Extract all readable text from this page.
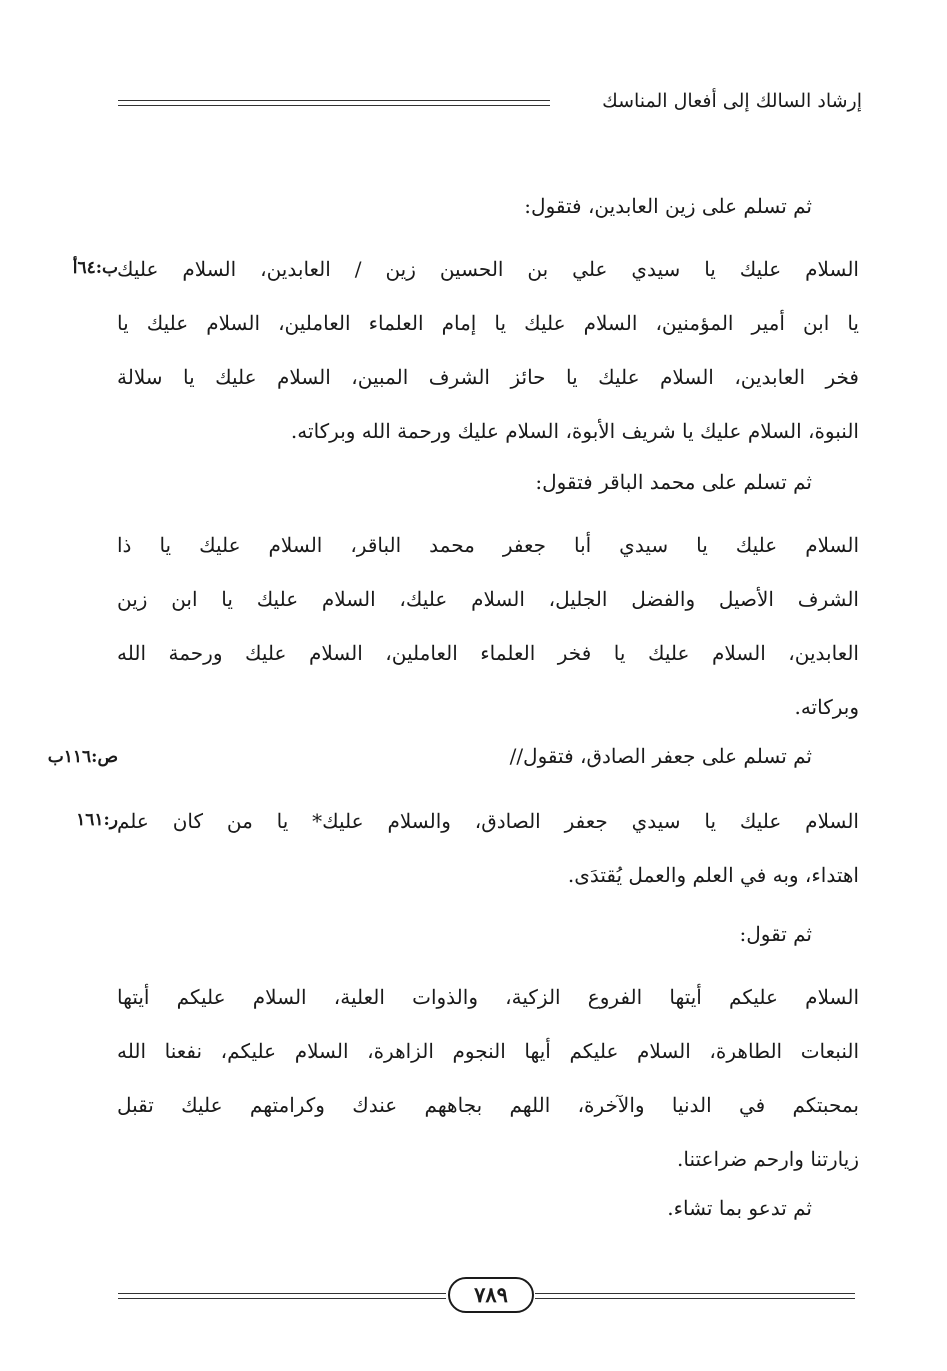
إرشاد السالك إلى أفعال المناسك
ثم تسلم على زين العابدين، فتقول:
السلام عليك يا سيدي علي بن الحسين زين / العابدين، السلام عليك
يا ابن أمير المؤمنين، السلام عليك يا إمام العلماء العاملين، السلام عليك يا
فخر العابدين، السلام عليك يا حائز الشرف المبين، السلام عليك يا سلالة
النبوة، السلام عليك يا شريف الأبوة، السلام عليك ورحمة الله وبركاته.
ب:٦٤أ
ثم تسلم على محمد الباقر فتقول:
السلام عليك يا سيدي أبا جعفر محمد الباقر، السلام عليك يا ذا
الشرف الأصيل والفضل الجليل، السلام عليك، السلام عليك يا ابن زين
العابدين، السلام عليك يا فخر العلماء العاملين، السلام عليك ورحمة الله
وبركاته.
ثم تسلم على جعفر الصادق، فتقول//
ص:١١٦ب
السلام عليك يا سيدي جعفر الصادق، والسلام عليك* يا من كان علم
اهتداء، وبه في العلم والعمل يُقتدَى.
ر:١٦١
ثم تقول:
السلام عليكم أيتها الفروع الزكية، والذوات العلية، السلام عليكم أيتها
النبعات الطاهرة، السلام عليكم أيها النجوم الزاهرة، السلام عليكم، نفعنا الله
بمحبتكم في الدنيا والآخرة، اللهم بجاههم عندك وكرامتهم عليك تقبل
زيارتنا وارحم ضراعتنا.
ثم تدعو بما تشاء.
٧٨٩
